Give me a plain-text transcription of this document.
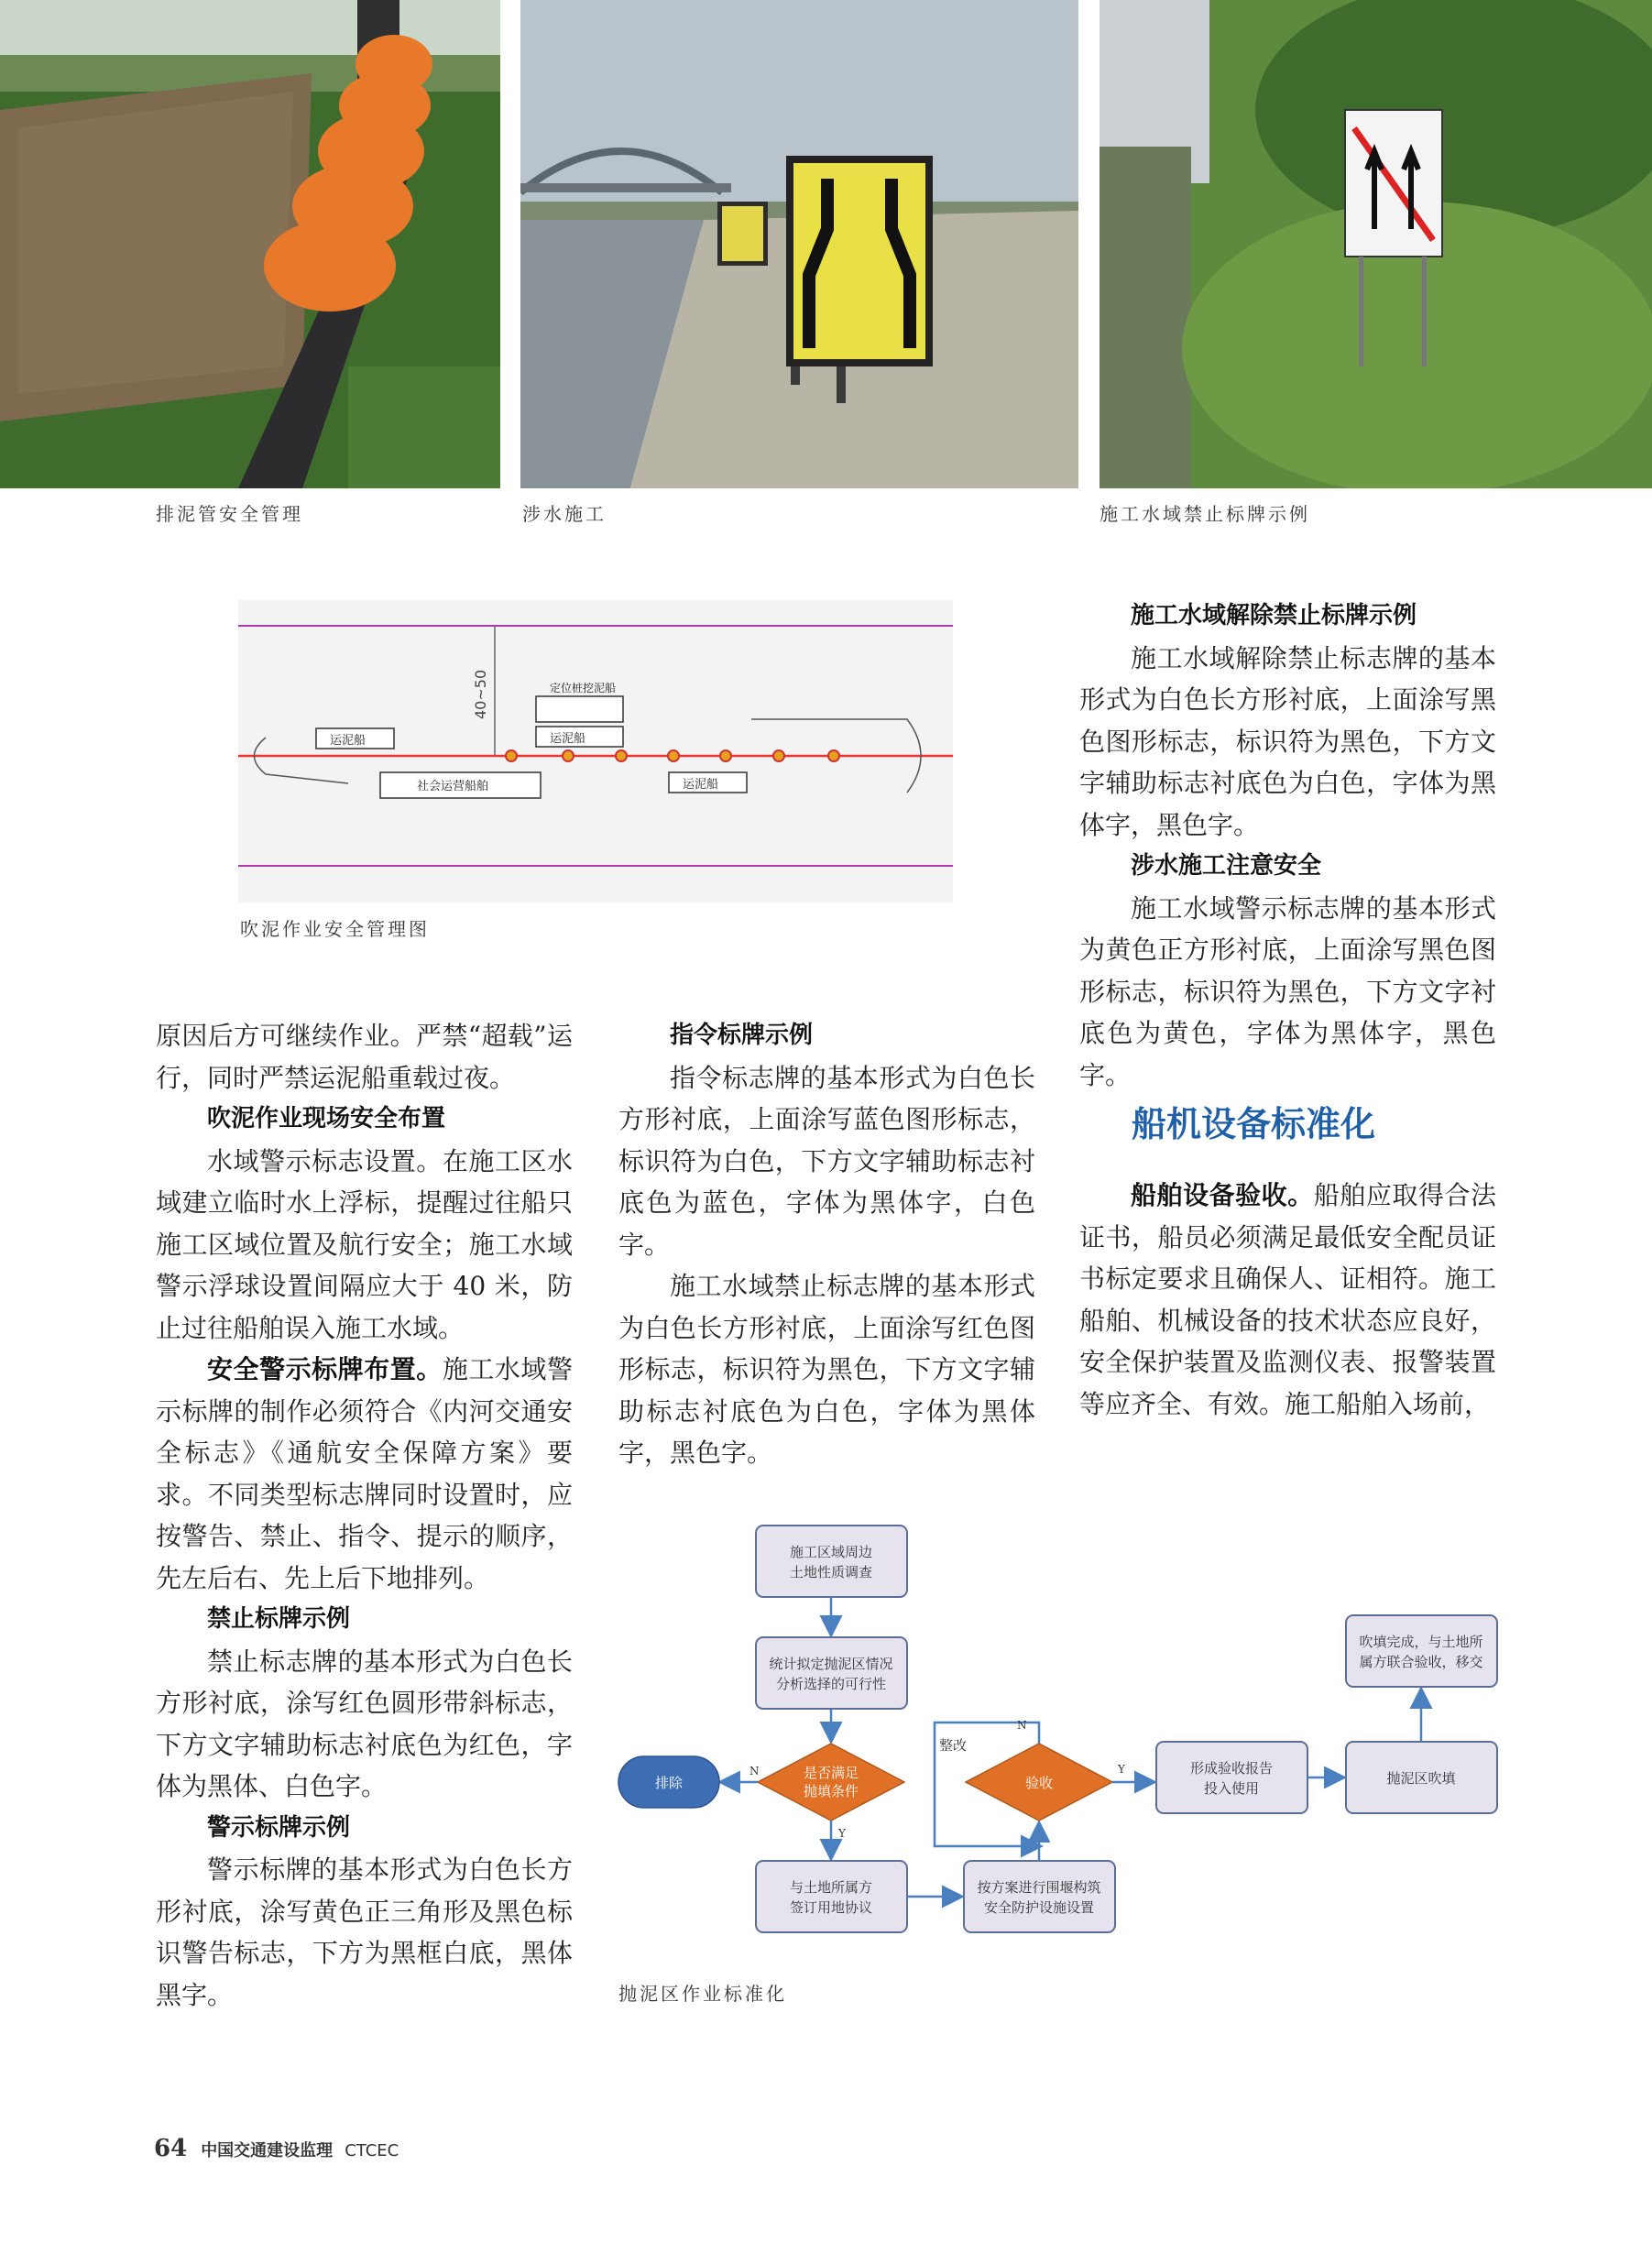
排泥管安全管理	涉水施工	施工水域禁止标牌示例
40~50
运泥船
定位桩挖泥船
运泥船
社会运营船舶	运泥船
吹泥作业安全管理图

原因后方可继续作业。严禁“超载”运行，同时严禁运泥船重载过夜。

吹泥作业现场安全布置

水域警示标志设置。在施工区水域建立临时水上浮标，提醒过往船只施工区域位置及航行安全；施工水域警示浮球设置间隔应大于 40 米，防止过往船舶误入施工水域。

安全警示标牌布置。施工水域警示标牌的制作必须符合《内河交通安全标志》《通航安全保障方案》要求。不同类型标志牌同时设置时，应按警告、禁止、指令、提示的顺序，先左后右、先上后下地排列。

禁止标牌示例

禁止标志牌的基本形式为白色长方形衬底，涂写红色圆形带斜标志，下方文字辅助标志衬底色为红色，字体为黑体、白色字。

警示标牌示例

警示标牌的基本形式为白色长方形衬底，涂写黄色正三角形及黑色标识警告标志，下方为黑框白底，黑体黑字。

指令标牌示例

指令标志牌的基本形式为白色长方形衬底，上面涂写蓝色图形标志，标识符为白色，下方文字辅助标志衬底色为蓝色，字体为黑体字，白色字。

施工水域禁止标志牌的基本形式为白色长方形衬底，上面涂写红色图形标志，标识符为黑色，下方文字辅助标志衬底色为白色，字体为黑体字，黑色字。

施工水域解除禁止标牌示例

施工水域解除禁止标志牌的基本形式为白色长方形衬底，上面涂写黑色图形标志，标识符为黑色，下方文字辅助标志衬底色为白色，字体为黑体字，黑色字。

涉水施工注意安全

施工水域警示标志牌的基本形式为黄色正方形衬底，上面涂写黑色图形标志，标识符为黑色，下方文字衬底色为黄色，字体为黑体字，黑色字。

船机设备标准化

船舶设备验收。船舶应取得合法证书，船员必须满足最低安全配员证书标定要求且确保人、证相符。施工船舶、机械设备的技术状态应良好，安全保护装置及监测仪表、报警装置等应齐全、有效。施工船舶入场前，

施工区域周边
土地性质调查
统计拟定抛泥区情况
分析选择的可行性
是否满足
抛填条件
N
排除
Y
与土地所属方
签订用地协议
按方案进行围堰构筑
安全防护设施设置
验收
整改
N
Y	形成验收报告
投入使用
抛泥区吹填
吹填完成，与土地所
属方联合验收，移交
抛泥区作业标准化
64 中国交通建设监理 CTCEC
